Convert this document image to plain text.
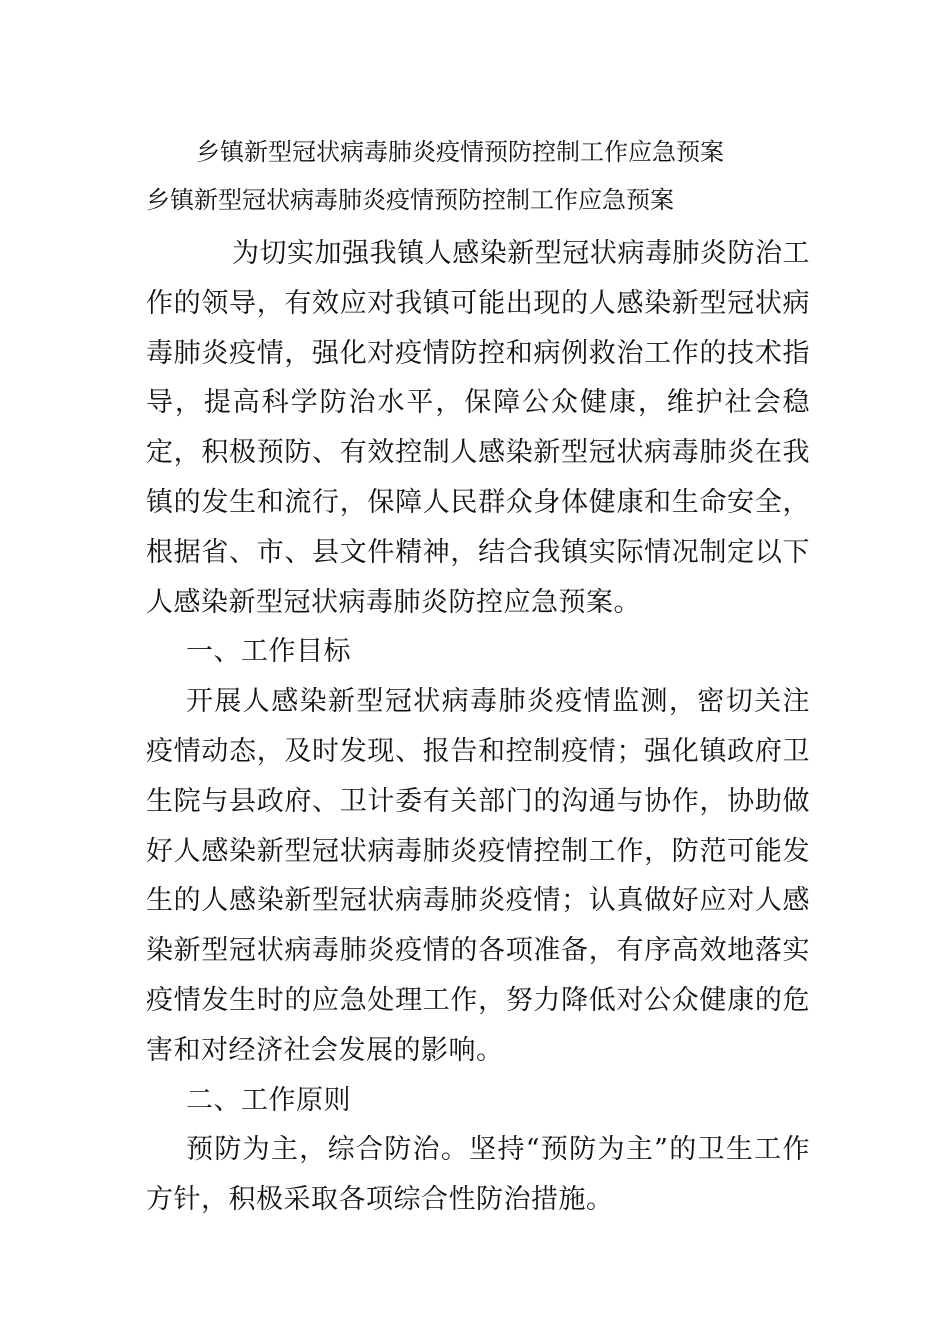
乡镇新型冠状病毒肺炎疫情预防控制工作应急预案
乡镇新型冠状病毒肺炎疫情预防控制工作应急预案

为切实加强我镇人感染新型冠状病毒肺炎防治工作的领导，有效应对我镇可能出现的人感染新型冠状病毒肺炎疫情，强化对疫情防控和病例救治工作的技术指导，提高科学防治水平，保障公众健康，维护社会稳定，积极预防、有效控制人感染新型冠状病毒肺炎在我镇的发生和流行，保障人民群众身体健康和生命安全，根据省、市、县文件精神，结合我镇实际情况制定以下人感染新型冠状病毒肺炎防控应急预案。

一、工作目标

开展人感染新型冠状病毒肺炎疫情监测，密切关注疫情动态，及时发现、报告和控制疫情；强化镇政府卫生院与县政府、卫计委有关部门的沟通与协作，协助做好人感染新型冠状病毒肺炎疫情控制工作，防范可能发生的人感染新型冠状病毒肺炎疫情；认真做好应对人感染新型冠状病毒肺炎疫情的各项准备，有序高效地落实疫情发生时的应急处理工作，努力降低对公众健康的危害和对经济社会发展的影响。

二、工作原则

预防为主，综合防治。坚持“预防为主”的卫生工作方针，积极采取各项综合性防治措施。
